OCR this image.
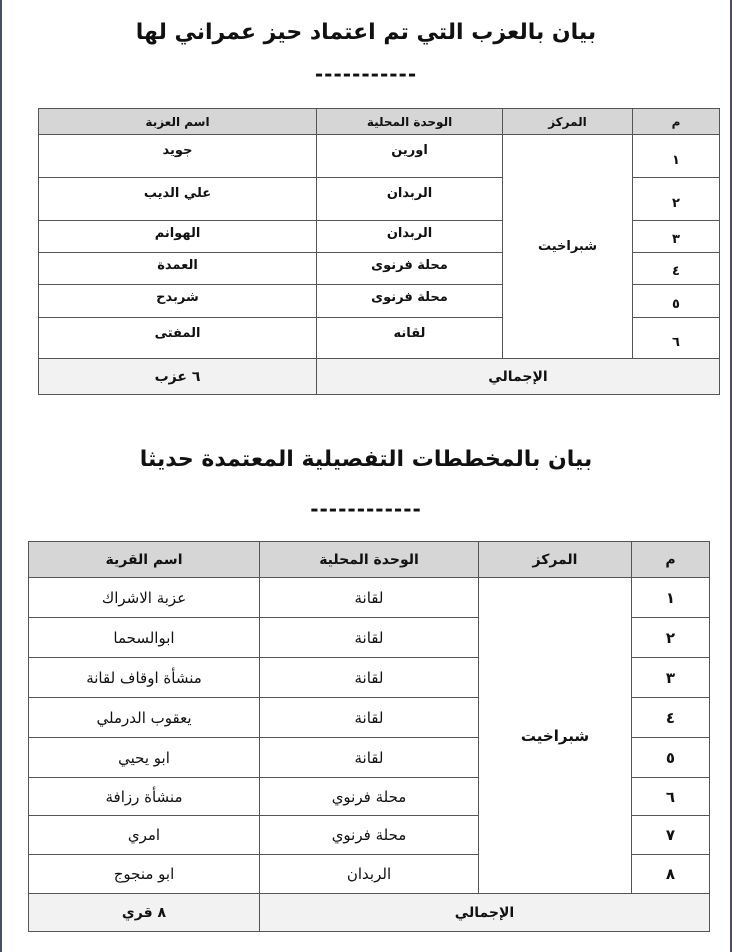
بيان بالعزب التي تم اعتماد حيز عمراني لها
-----------
م	المركز	الوحدة المحلية	اسم العزبة
١	شبراخيت	اورين	جويد
٢		الربدان	علي الديب
٣		الربدان	الهوانم
٤		محلة فرنوى	العمدة
٥		محلة فرنوى	شربدح
٦		لقانه	المفتى
الإجمالي			٦ عزب
بيان بالمخططات التفصيلية المعتمدة حديثا
------------
م	المركز	الوحدة المحلية	اسم القرية
١	شبراخيت	لقانة	عزبة الاشراك
٢		لقانة	ابوالسحما
٣		لقانة	منشأة اوقاف لقانة
٤		لقانة	يعقوب الدرملي
٥		لقانة	ابو يحيي
٦		محلة فرنوي	منشأة رزافة
٧		محلة فرنوي	امري
٨		الربدان	ابو منجوج
الإجمالي			٨ قري
